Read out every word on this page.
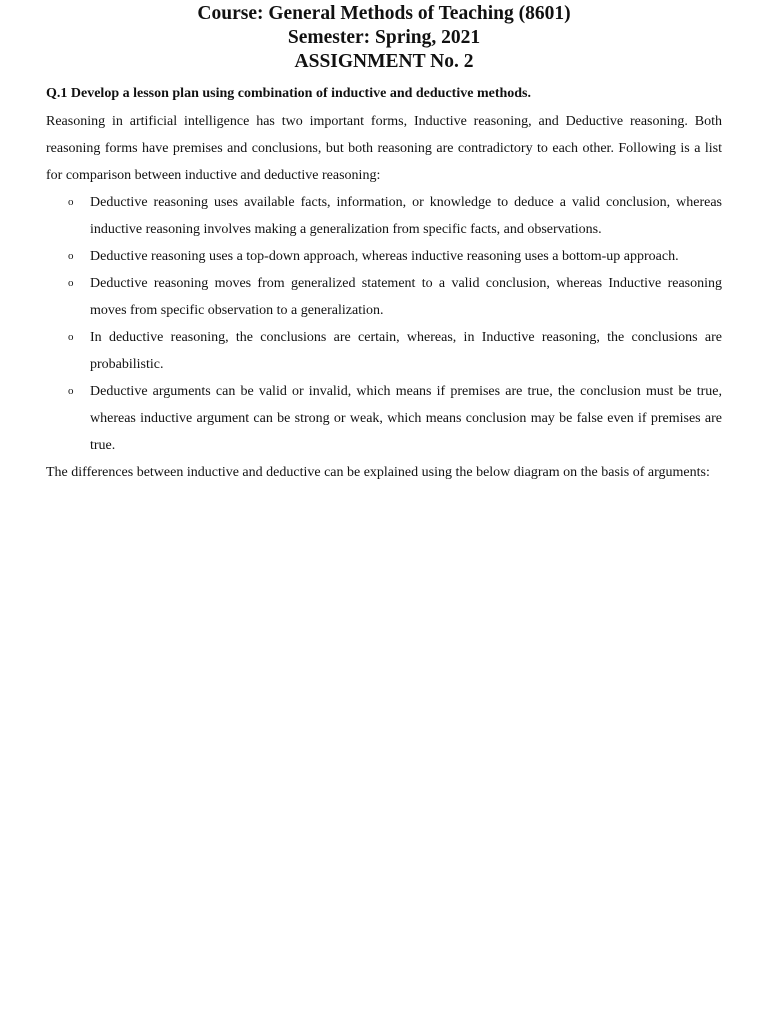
Course: General Methods of Teaching (8601)

Semester: Spring, 2021

ASSIGNMENT No. 2

Q.1 Develop a lesson plan using combination of inductive and deductive methods.

Reasoning in artificial intelligence has two important forms, Inductive reasoning, and Deductive reasoning. Both reasoning forms have premises and conclusions, but both reasoning are contradictory to each other. Following is a list for comparison between inductive and deductive reasoning:

o Deductive reasoning uses available facts, information, or knowledge to deduce a valid conclusion, whereas inductive reasoning involves making a generalization from specific facts, and observations.
o Deductive reasoning uses a top-down approach, whereas inductive reasoning uses a bottom-up approach.
o Deductive reasoning moves from generalized statement to a valid conclusion, whereas Inductive reasoning moves from specific observation to a generalization.
o In deductive reasoning, the conclusions are certain, whereas, in Inductive reasoning, the conclusions are probabilistic.
o Deductive arguments can be valid or invalid, which means if premises are true, the conclusion must be true, whereas inductive argument can be strong or weak, which means conclusion may be false even if premises are true.

The differences between inductive and deductive can be explained using the below diagram on the basis of arguments:
